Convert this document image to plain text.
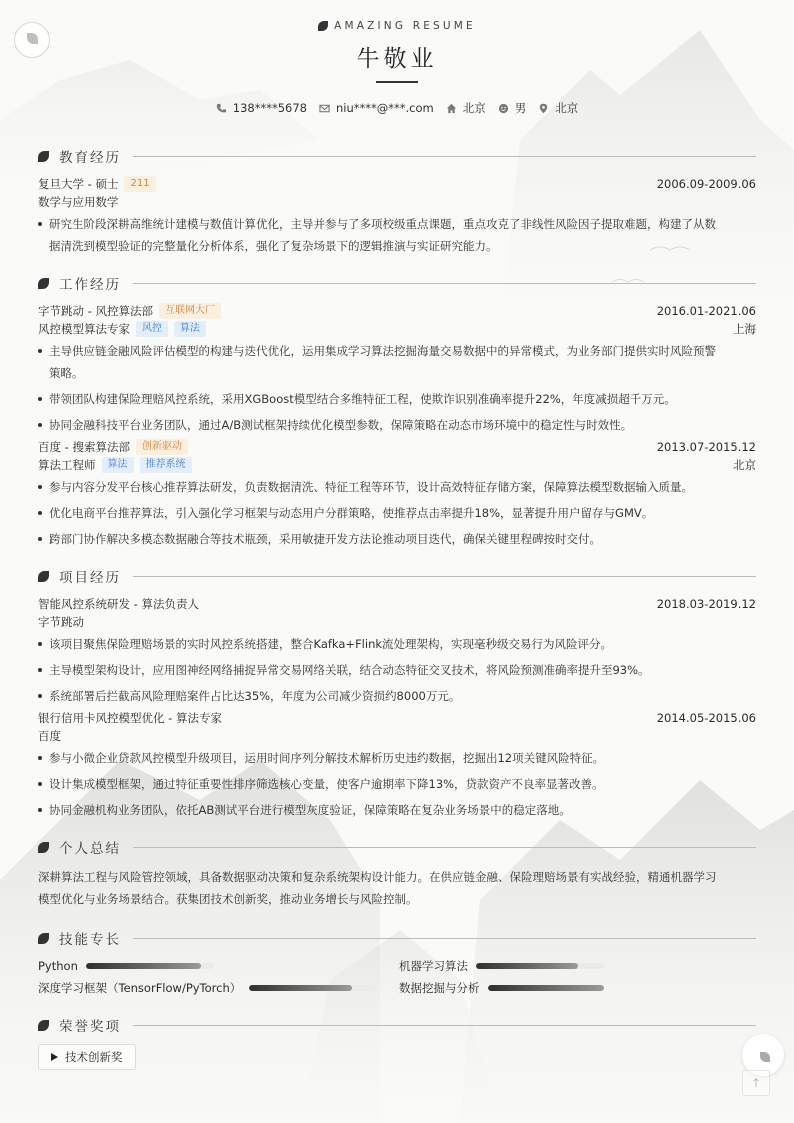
AMAZING RESUME
牛敬业
138****5678	niu****@***.com	北京	男	北京
教育经历
复旦大学 - 硕士	211	2006.09-2009.06
数学与应用数学
研究生阶段深耕高维统计建模与数值计算优化，主导并参与了多项校级重点课题，重点攻克了非线性风险因子提取难题，构建了从数
据清洗到模型验证的完整量化分析体系，强化了复杂场景下的逻辑推演与实证研究能力。
工作经历
字节跳动 - 风控算法部	互联网大厂	2016.01-2021.06
风控模型算法专家	风控	算法	上海
主导供应链金融风险评估模型的构建与迭代优化，运用集成学习算法挖掘海量交易数据中的异常模式，为业务部门提供实时风险预警
策略。
带领团队构建保险理赔风控系统，采用XGBoost模型结合多维特征工程，使欺诈识别准确率提升22%，年度减损超千万元。
协同金融科技平台业务团队，通过A/B测试框架持续优化模型参数，保障策略在动态市场环境中的稳定性与时效性。
百度 - 搜索算法部	创新驱动	2013.07-2015.12
算法工程师	算法	推荐系统	北京
参与内容分发平台核心推荐算法研发，负责数据清洗、特征工程等环节，设计高效特征存储方案，保障算法模型数据输入质量。
优化电商平台推荐算法，引入强化学习框架与动态用户分群策略，使推荐点击率提升18%，显著提升用户留存与GMV。
跨部门协作解决多模态数据融合等技术瓶颈，采用敏捷开发方法论推动项目迭代，确保关键里程碑按时交付。
项目经历
智能风控系统研发 - 算法负责人	2018.03-2019.12
字节跳动
该项目聚焦保险理赔场景的实时风控系统搭建，整合Kafka+Flink流处理架构，实现毫秒级交易行为风险评分。
主导模型架构设计，应用图神经网络捕捉异常交易网络关联，结合动态特征交叉技术，将风险预测准确率提升至93%。
系统部署后拦截高风险理赔案件占比达35%，年度为公司减少资损约8000万元。
银行信用卡风控模型优化 - 算法专家	2014.05-2015.06
百度
参与小微企业贷款风控模型升级项目，运用时间序列分解技术解析历史违约数据，挖掘出12项关键风险特征。
设计集成模型框架，通过特征重要性排序筛选核心变量，使客户逾期率下降13%，贷款资产不良率显著改善。
协同金融机构业务团队，依托AB测试平台进行模型灰度验证，保障策略在复杂业务场景中的稳定落地。
个人总结
深耕算法工程与风险管控领域，具备数据驱动决策和复杂系统架构设计能力。在供应链金融、保险理赔场景有实战经验，精通机器学习
模型优化与业务场景结合。获集团技术创新奖，推动业务增长与风险控制。
技能专长
Python	机器学习算法
深度学习框架（TensorFlow/PyTorch）	数据挖掘与分析
荣誉奖项
技术创新奖
↑
